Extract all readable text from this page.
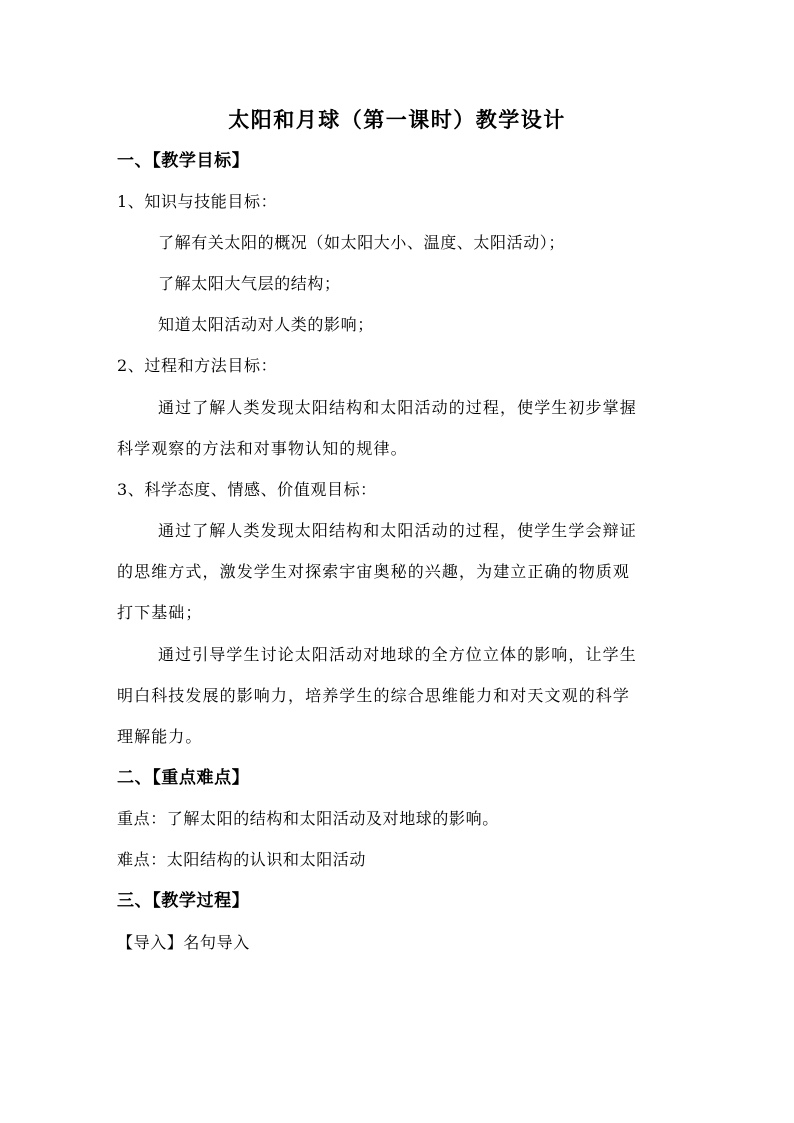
太阳和月球（第一课时）教学设计
一、【教学目标】
1、知识与技能目标：
了解有关太阳的概况（如太阳大小、温度、太阳活动）；
了解太阳大气层的结构；
知道太阳活动对人类的影响；
2、过程和方法目标：
通过了解人类发现太阳结构和太阳活动的过程，使学生初步掌握
科学观察的方法和对事物认知的规律。
3、科学态度、情感、价值观目标：
通过了解人类发现太阳结构和太阳活动的过程，使学生学会辩证
的思维方式，激发学生对探索宇宙奥秘的兴趣，为建立正确的物质观
打下基础；
通过引导学生讨论太阳活动对地球的全方位立体的影响，让学生
明白科技发展的影响力，培养学生的综合思维能力和对天文观的科学
理解能力。
二、【重点难点】
重点：了解太阳的结构和太阳活动及对地球的影响。
难点：太阳结构的认识和太阳活动
三、【教学过程】
【导入】名句导入
